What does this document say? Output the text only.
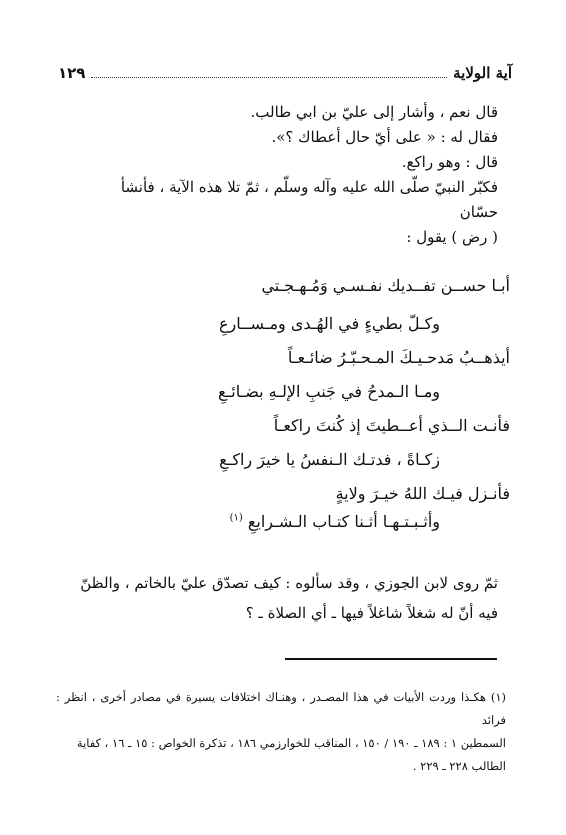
آية الولاية
١٢٩

قال نعم ، وأشار إلى عليّ بن ابي طالب.

فقال له : « على أيّ حال أعطاك ؟».

قال : وهو راكع.

فكبّر النبيّ صلّى الله عليه وآله وسلّم ، ثمّ تلا هذه الآية ، فأنشأ حسّان

( رض ) يقول :

أبـا حســن تفــديك نفـسـي وَمُـهـجـتي
وكـلّ بطيءٍ في الهُـدى ومـســارعِ
أيذهــبُ مَدحـيـكَ المـحـبّـرُ ضائـعـاً
ومـا الـمدحُ في جَنبِ الإلـهِ بضـائـعِ
فأنـت الــذي أعــطيتَ إذ كُنتَ راكعـاً
زكـاةً ، فدتـك الـنفسُ يا خيرَ راكـعِ
فأنـزل فيـك اللهُ خيـرَ ولايةٍ
وأثـبـتـهـا أثـنا كتـاب الـشـرايعِ $^{(١)}$

ثمّ روى لابن الجوزي ، وقد سألوه : كيف تصدّق عليّ بالخاتم ، والظنّ

فيه أنّ له شغلاً شاغلاً فيها ـ أي الصلاة ـ ؟

(١) هكـذا وردت الأبيات في هذا المصـدر ، وهنـاك اختلافات يسيرة في مصادر أخرى ، انظر : فرائد

السمطين ١ : ١٨٩ ـ ١٩٠ / ١٥٠ ، المناقب للخوارزمي ١٨٦ ، تذكرة الخواص : ١٥ ـ ١٦ ، كفاية

الطالب ٢٢٨ ـ ٢٢٩ .
